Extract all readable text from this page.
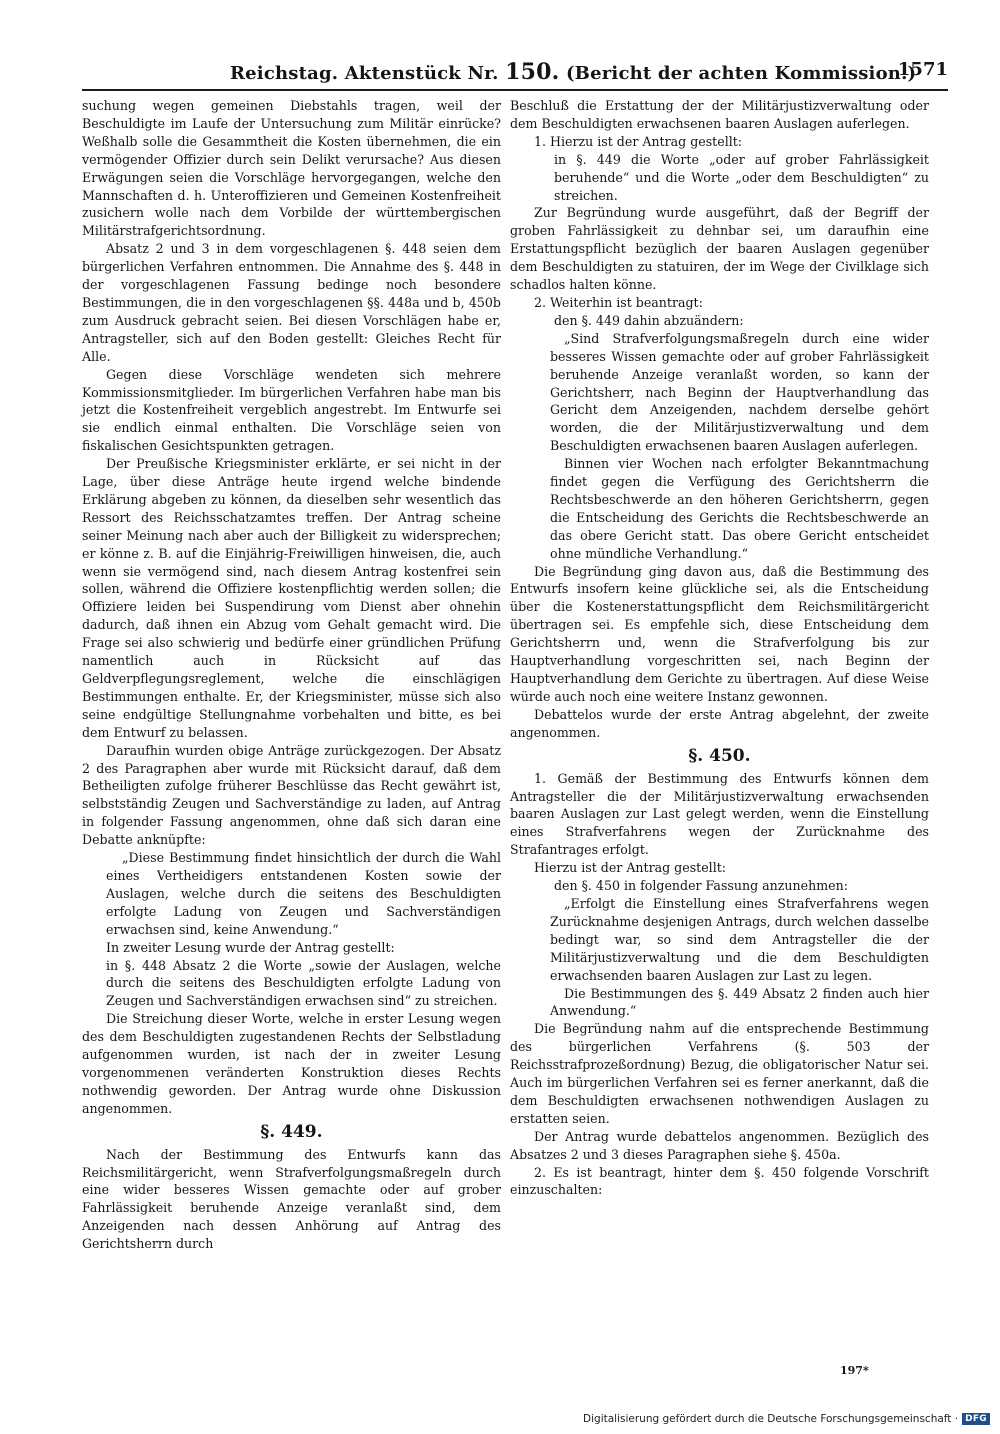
Reichstag. Aktenstück Nr. 150. (Bericht der achten Kommission.)
1571

suchung wegen gemeinen Diebstahls tragen, weil der Beschuldigte im Laufe der Untersuchung zum Militär einrücke? Weßhalb solle die Gesammtheit die Kosten übernehmen, die ein vermögender Offizier durch sein Delikt verursache? Aus diesen Erwägungen seien die Vorschläge hervorgegangen, welche den Mannschaften d. h. Unteroffizieren und Gemeinen Kostenfreiheit zusichern wolle nach dem Vorbilde der württembergischen Militärstrafgerichtsordnung.

Absatz 2 und 3 in dem vorgeschlagenen §. 448 seien dem bürgerlichen Verfahren entnommen. Die Annahme des §. 448 in der vorgeschlagenen Fassung bedinge noch besondere Bestimmungen, die in den vorgeschlagenen §§. 448a und b, 450b zum Ausdruck gebracht seien. Bei diesen Vorschlägen habe er, Antragsteller, sich auf den Boden gestellt: Gleiches Recht für Alle.

Gegen diese Vorschläge wendeten sich mehrere Kommissionsmitglieder. Im bürgerlichen Verfahren habe man bis jetzt die Kostenfreiheit vergeblich angestrebt. Im Entwurfe sei sie endlich einmal enthalten. Die Vorschläge seien von fiskalischen Gesichtspunkten getragen.

Der Preußische Kriegsminister erklärte, er sei nicht in der Lage, über diese Anträge heute irgend welche bindende Erklärung abgeben zu können, da dieselben sehr wesentlich das Ressort des Reichsschatzamtes treffen. Der Antrag scheine seiner Meinung nach aber auch der Billigkeit zu widersprechen; er könne z. B. auf die Einjährig-Freiwilligen hinweisen, die, auch wenn sie vermögend sind, nach diesem Antrag kostenfrei sein sollen, während die Offiziere kostenpflichtig werden sollen; die Offiziere leiden bei Suspendirung vom Dienst aber ohnehin dadurch, daß ihnen ein Abzug vom Gehalt gemacht wird. Die Frage sei also schwierig und bedürfe einer gründlichen Prüfung namentlich auch in Rücksicht auf das Geldverpflegungsreglement, welche die einschlägigen Bestimmungen enthalte. Er, der Kriegsminister, müsse sich also seine endgültige Stellungnahme vorbehalten und bitte, es bei dem Entwurf zu belassen.

Daraufhin wurden obige Anträge zurückgezogen. Der Absatz 2 des Paragraphen aber wurde mit Rücksicht darauf, daß dem Betheiligten zufolge früherer Beschlüsse das Recht gewährt ist, selbstständig Zeugen und Sachverständige zu laden, auf Antrag in folgender Fassung angenommen, ohne daß sich daran eine Debatte anknüpfte:

„Diese Bestimmung findet hinsichtlich der durch die Wahl eines Vertheidigers entstandenen Kosten sowie der Auslagen, welche durch die seitens des Beschuldigten erfolgte Ladung von Zeugen und Sachverständigen erwachsen sind, keine Anwendung.“

In zweiter Lesung wurde der Antrag gestellt:

in §. 448 Absatz 2 die Worte „sowie der Auslagen, welche durch die seitens des Beschuldigten erfolgte Ladung von Zeugen und Sachverständigen erwachsen sind“ zu streichen.

Die Streichung dieser Worte, welche in erster Lesung wegen des dem Beschuldigten zugestandenen Rechts der Selbstladung aufgenommen wurden, ist nach der in zweiter Lesung vorgenommenen veränderten Konstruktion dieses Rechts nothwendig geworden. Der Antrag wurde ohne Diskussion angenommen.

§. 449.

Nach der Bestimmung des Entwurfs kann das Reichsmilitärgericht, wenn Strafverfolgungsmaßregeln durch eine wider besseres Wissen gemachte oder auf grober Fahrlässigkeit beruhende Anzeige veranlaßt sind, dem Anzeigenden nach dessen Anhörung auf Antrag des Gerichtsherrn durch

Beschluß die Erstattung der der Militärjustizverwaltung oder dem Beschuldigten erwachsenen baaren Auslagen auferlegen.

1. Hierzu ist der Antrag gestellt:

in §. 449 die Worte „oder auf grober Fahrlässigkeit beruhende“ und die Worte „oder dem Beschuldigten“ zu streichen.

Zur Begründung wurde ausgeführt, daß der Begriff der groben Fahrlässigkeit zu dehnbar sei, um daraufhin eine Erstattungspflicht bezüglich der baaren Auslagen gegenüber dem Beschuldigten zu statuiren, der im Wege der Civilklage sich schadlos halten könne.

2. Weiterhin ist beantragt:

den §. 449 dahin abzuändern:

„Sind Strafverfolgungsmaßregeln durch eine wider besseres Wissen gemachte oder auf grober Fahrlässigkeit beruhende Anzeige veranlaßt worden, so kann der Gerichtsherr, nach Beginn der Hauptverhandlung das Gericht dem Anzeigenden, nachdem derselbe gehört worden, die der Militärjustizverwaltung und dem Beschuldigten erwachsenen baaren Auslagen auferlegen.

Binnen vier Wochen nach erfolgter Bekanntmachung findet gegen die Verfügung des Gerichtsherrn die Rechtsbeschwerde an den höheren Gerichtsherrn, gegen die Entscheidung des Gerichts die Rechtsbeschwerde an das obere Gericht statt. Das obere Gericht entscheidet ohne mündliche Verhandlung.“

Die Begründung ging davon aus, daß die Bestimmung des Entwurfs insofern keine glückliche sei, als die Entscheidung über die Kostenerstattungspflicht dem Reichsmilitärgericht übertragen sei. Es empfehle sich, diese Entscheidung dem Gerichtsherrn und, wenn die Strafverfolgung bis zur Hauptverhandlung vorgeschritten sei, nach Beginn der Hauptverhandlung dem Gerichte zu übertragen. Auf diese Weise würde auch noch eine weitere Instanz gewonnen.

Debattelos wurde der erste Antrag abgelehnt, der zweite angenommen.

§. 450.

1. Gemäß der Bestimmung des Entwurfs können dem Antragsteller die der Militärjustizverwaltung erwachsenden baaren Auslagen zur Last gelegt werden, wenn die Einstellung eines Strafverfahrens wegen der Zurücknahme des Strafantrages erfolgt.

Hierzu ist der Antrag gestellt:

den §. 450 in folgender Fassung anzunehmen:

„Erfolgt die Einstellung eines Strafverfahrens wegen Zurücknahme desjenigen Antrags, durch welchen dasselbe bedingt war, so sind dem Antragsteller die der Militärjustizverwaltung und die dem Beschuldigten erwachsenden baaren Auslagen zur Last zu legen.

Die Bestimmungen des §. 449 Absatz 2 finden auch hier Anwendung.“

Die Begründung nahm auf die entsprechende Bestimmung des bürgerlichen Verfahrens (§. 503 der Reichsstrafprozeßordnung) Bezug, die obligatorischer Natur sei. Auch im bürgerlichen Verfahren sei es ferner anerkannt, daß die dem Beschuldigten erwachsenen nothwendigen Auslagen zu erstatten seien.

Der Antrag wurde debattelos angenommen. Bezüglich des Absatzes 2 und 3 dieses Paragraphen siehe §. 450a.

2. Es ist beantragt, hinter dem §. 450 folgende Vorschrift einzuschalten:

197*
Digitalisierung gefördert durch die Deutsche Forschungsgemeinschaft · DFG
